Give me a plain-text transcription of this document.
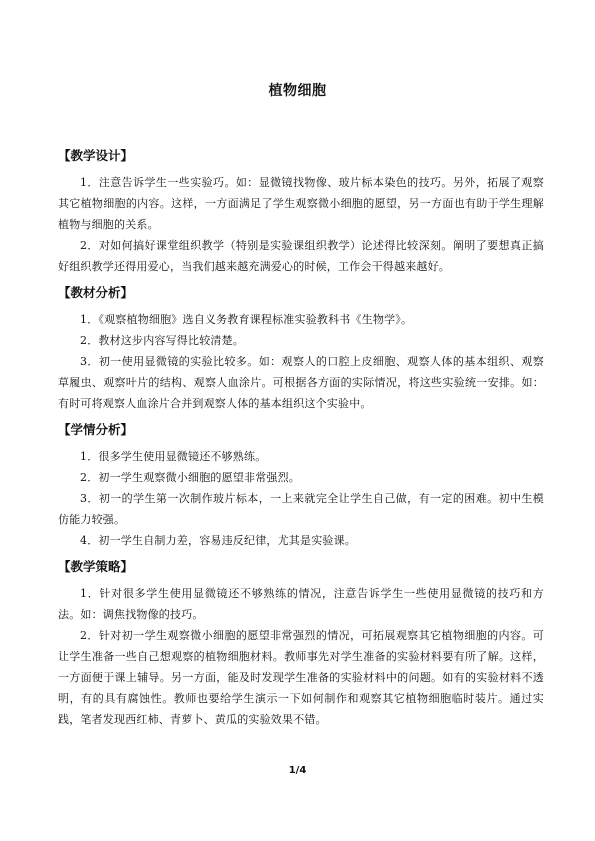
植物细胞
【教学设计】

1．注意告诉学生一些实验巧。如：显微镜找物像、玻片标本染色的技巧。另外，拓展了观察其它植物细胞的内容。这样，一方面满足了学生观察微小细胞的愿望，另一方面也有助于学生理解植物与细胞的关系。

2．对如何搞好课堂组织教学（特别是实验课组织教学）论述得比较深刻。阐明了要想真正搞好组织教学还得用爱心，当我们越来越充满爱心的时候，工作会干得越来越好。

【教材分析】

1．《观察植物细胞》选自义务教育课程标准实验教科书《生物学》。

2．教材这步内容写得比较清楚。

3．初一使用显微镜的实验比较多。如：观察人的口腔上皮细胞、观察人体的基本组织、观察草履虫、观察叶片的结构、观察人血涂片。可根据各方面的实际情况，将这些实验统一安排。如：有时可将观察人血涂片合并到观察人体的基本组织这个实验中。

【学情分析】

1．很多学生使用显微镜还不够熟练。

2．初一学生观察微小细胞的愿望非常强烈。

3．初一的学生第一次制作玻片标本，一上来就完全让学生自己做，有一定的困难。初中生模仿能力较强。

4．初一学生自制力差，容易违反纪律，尤其是实验课。

【教学策略】

1．针对很多学生使用显微镜还不够熟练的情况，注意告诉学生一些使用显微镜的技巧和方法。如：调焦找物像的技巧。

2．针对初一学生观察微小细胞的愿望非常强烈的情况，可拓展观察其它植物细胞的内容。可让学生准备一些自己想观察的植物细胞材料。教师事先对学生准备的实验材料要有所了解。这样，一方面便于课上辅导。另一方面，能及时发现学生准备的实验材料中的问题。如有的实验材料不透明，有的具有腐蚀性。教师也要给学生演示一下如何制作和观察其它植物细胞临时装片。通过实践，笔者发现西红柿、青萝卜、黄瓜的实验效果不错。

1/4
